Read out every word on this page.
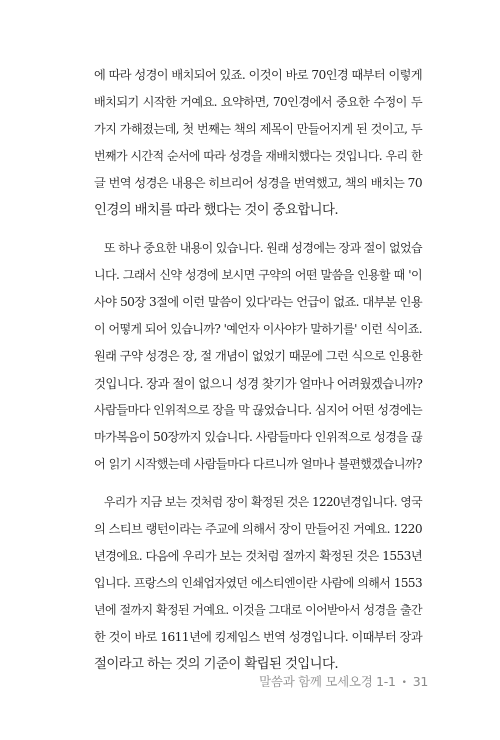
에 따라 성경이 배치되어 있죠. 이것이 바로 70인경 때부터 이렇게
배치되기 시작한 거예요. 요약하면, 70인경에서 중요한 수정이 두
가지 가해졌는데, 첫 번째는 책의 제목이 만들어지게 된 것이고, 두
번째가 시간적 순서에 따라 성경을 재배치했다는 것입니다. 우리 한
글 번역 성경은 내용은 히브리어 성경을 번역했고, 책의 배치는 70
인경의 배치를 따라 했다는 것이 중요합니다.
또 하나 중요한 내용이 있습니다. 원래 성경에는 장과 절이 없었습
니다. 그래서 신약 성경에 보시면 구약의 어떤 말씀을 인용할 때 '이
사야 50장 3절에 이런 말씀이 있다'라는 언급이 없죠. 대부분 인용
이 어떻게 되어 있습니까? '예언자 이사야가 말하기를' 이런 식이죠.
원래 구약 성경은 장, 절 개념이 없었기 때문에 그런 식으로 인용한
것입니다. 장과 절이 없으니 성경 찾기가 얼마나 어려웠겠습니까?
사람들마다 인위적으로 장을 막 끊었습니다. 심지어 어떤 성경에는
마가복음이 50장까지 있습니다. 사람들마다 인위적으로 성경을 끊
어 읽기 시작했는데 사람들마다 다르니까 얼마나 불편했겠습니까?
우리가 지금 보는 것처럼 장이 확정된 것은 1220년경입니다. 영국
의 스티브 랭턴이라는 주교에 의해서 장이 만들어진 거예요. 1220
년경에요. 다음에 우리가 보는 것처럼 절까지 확정된 것은 1553년
입니다. 프랑스의 인쇄업자였던 에스티엔이란 사람에 의해서 1553
년에 절까지 확정된 거예요. 이것을 그대로 이어받아서 성경을 출간
한 것이 바로 1611년에 킹제임스 번역 성경입니다. 이때부터 장과
절이라고 하는 것의 기준이 확립된 것입니다.
말씀과 함께 모세오경 1-1 • 31
